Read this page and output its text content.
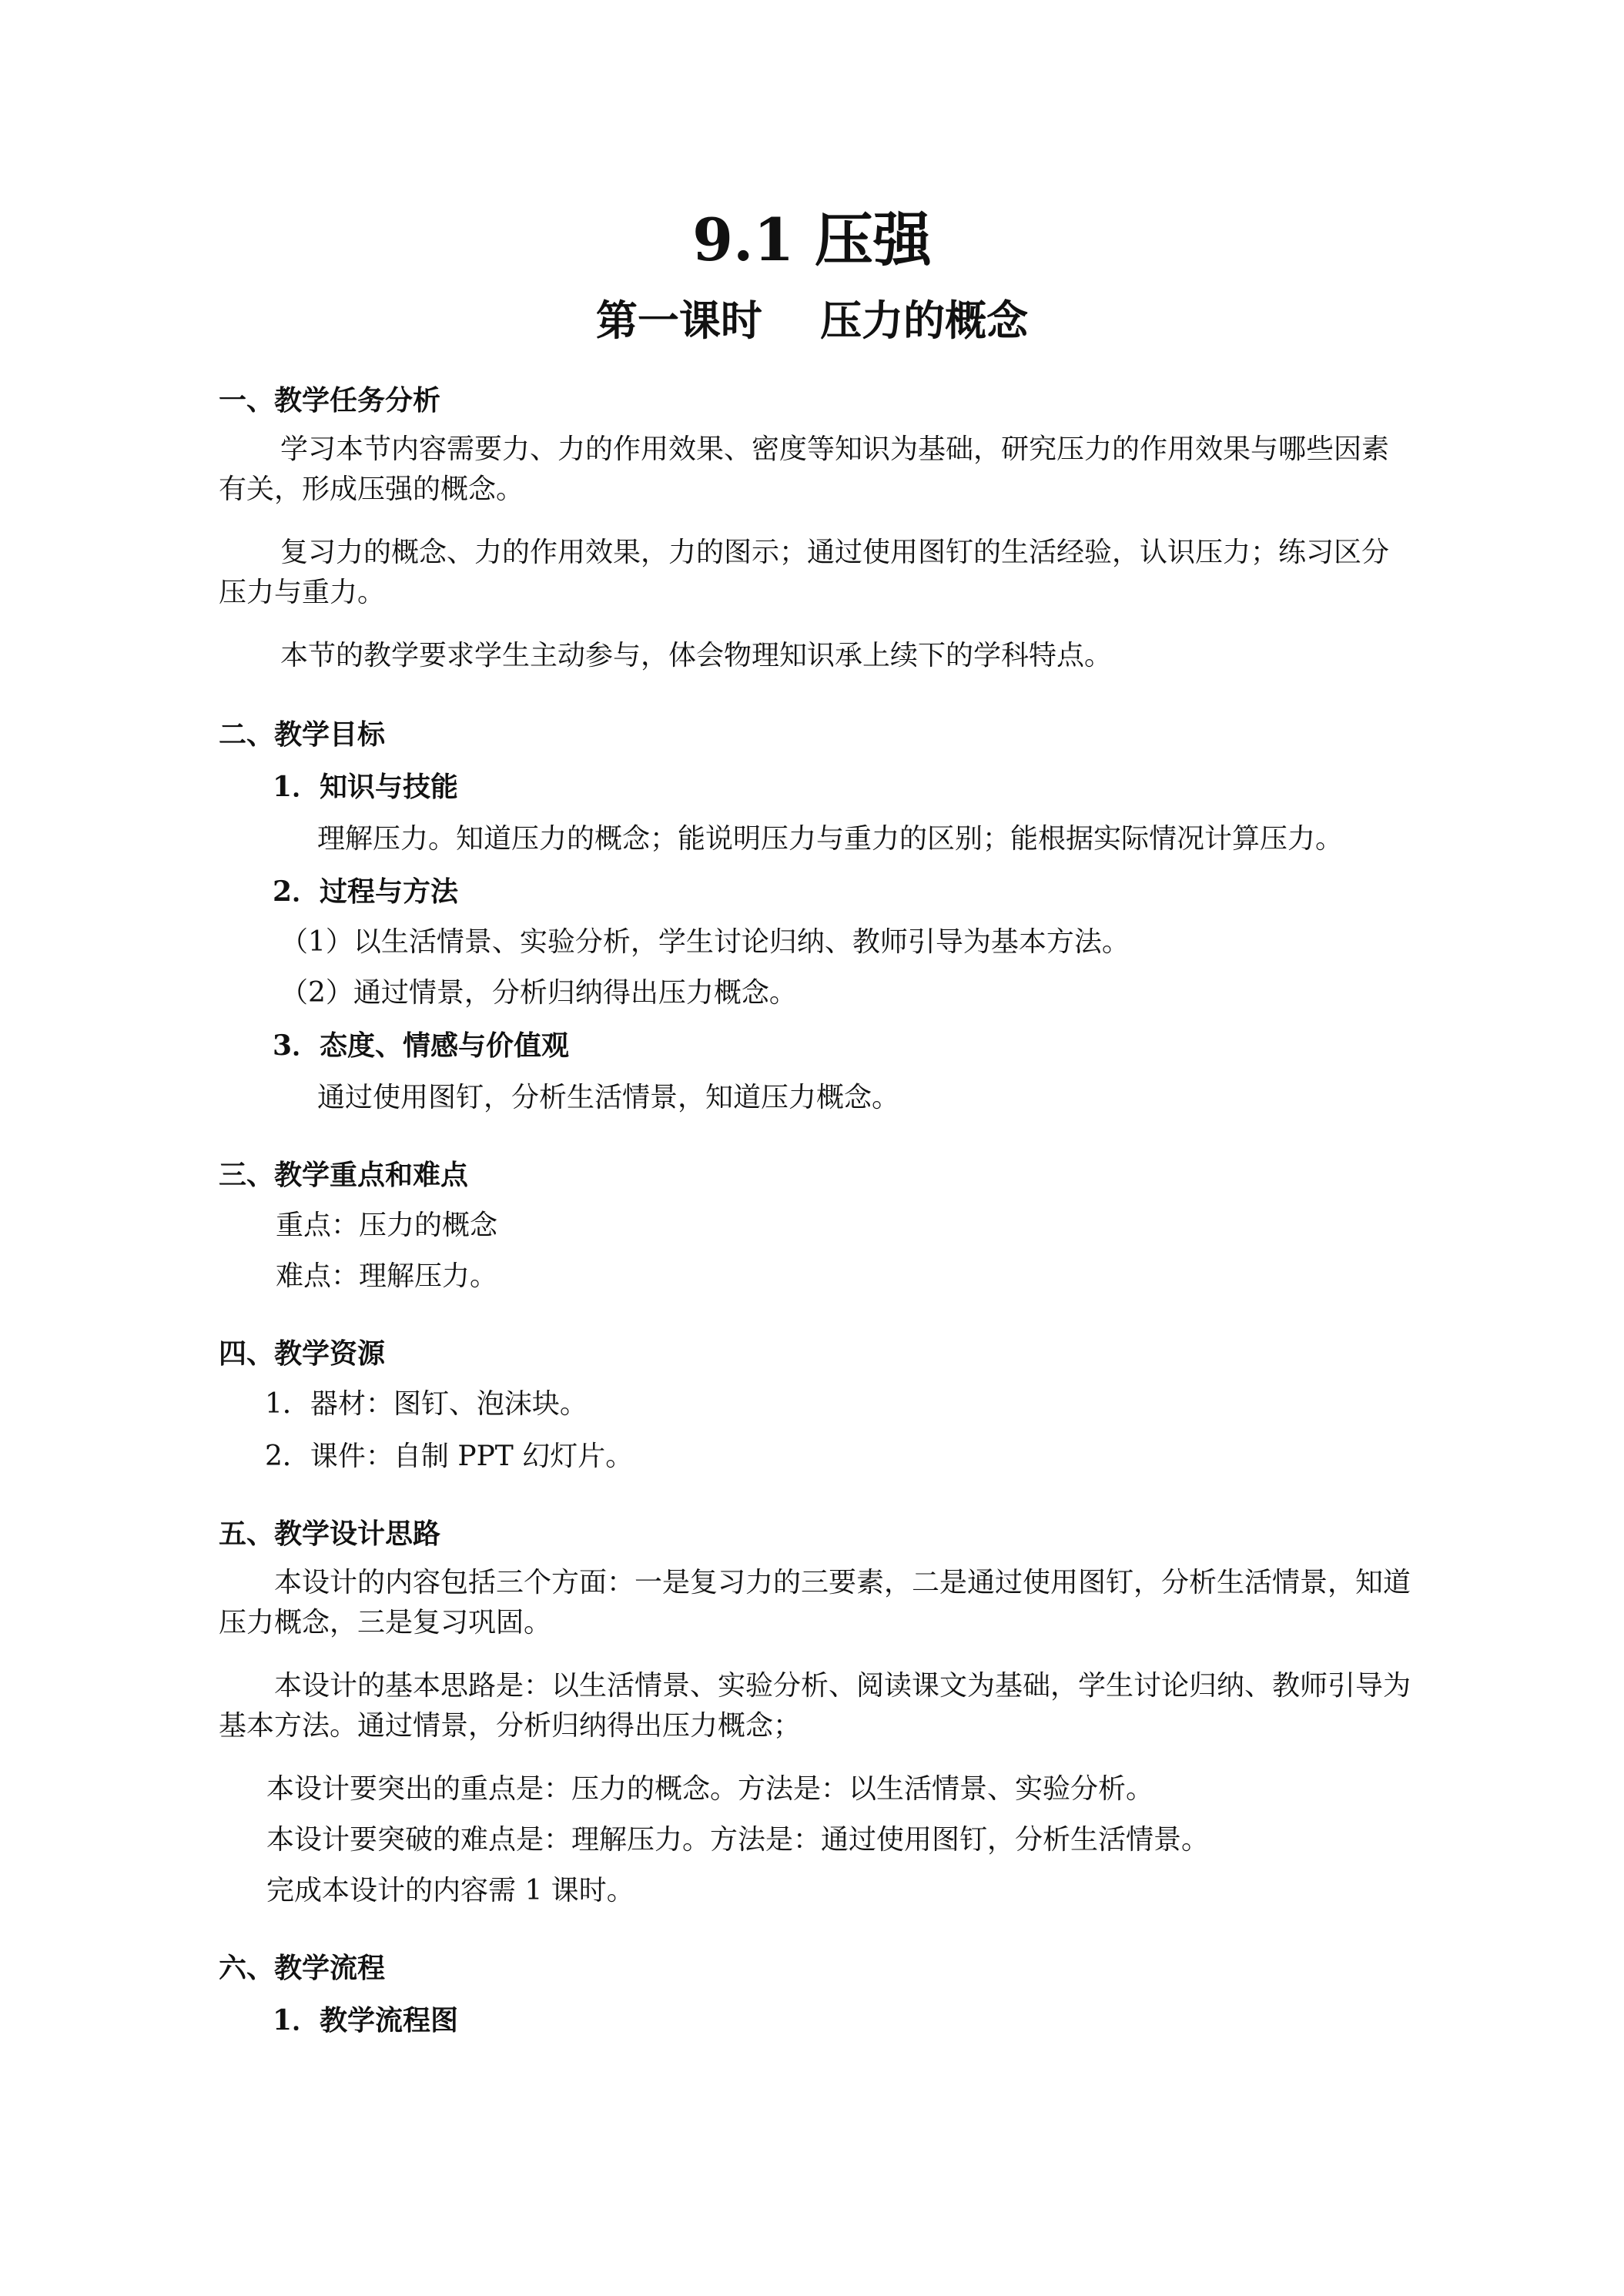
9.1 压强
第一课时    压力的概念
一、教学任务分析
学习本节内容需要力、力的作用效果、密度等知识为基础，研究压力的作用效果与哪些因素有关，形成压强的概念。
复习力的概念、力的作用效果，力的图示；通过使用图钉的生活经验，认识压力；练习区分压力与重力。
本节的教学要求学生主动参与，体会物理知识承上续下的学科特点。
二、教学目标
1．知识与技能
理解压力。知道压力的概念；能说明压力与重力的区别；能根据实际情况计算压力。
2．过程与方法
（1）以生活情景、实验分析，学生讨论归纳、教师引导为基本方法。
（2）通过情景，分析归纳得出压力概念。
3．态度、情感与价值观
通过使用图钉，分析生活情景，知道压力概念。
三、教学重点和难点
重点：压力的概念
难点：理解压力。
四、教学资源
1．器材：图钉、泡沫块。
2．课件：自制 PPT 幻灯片。
五、教学设计思路
本设计的内容包括三个方面：一是复习力的三要素，二是通过使用图钉，分析生活情景，知道压力概念，三是复习巩固。
本设计的基本思路是：以生活情景、实验分析、阅读课文为基础，学生讨论归纳、教师引导为基本方法。通过情景，分析归纳得出压力概念；
本设计要突出的重点是：压力的概念。方法是：以生活情景、实验分析。
本设计要突破的难点是：理解压力。方法是：通过使用图钉，分析生活情景。
完成本设计的内容需 1 课时。
六、教学流程
1．教学流程图
